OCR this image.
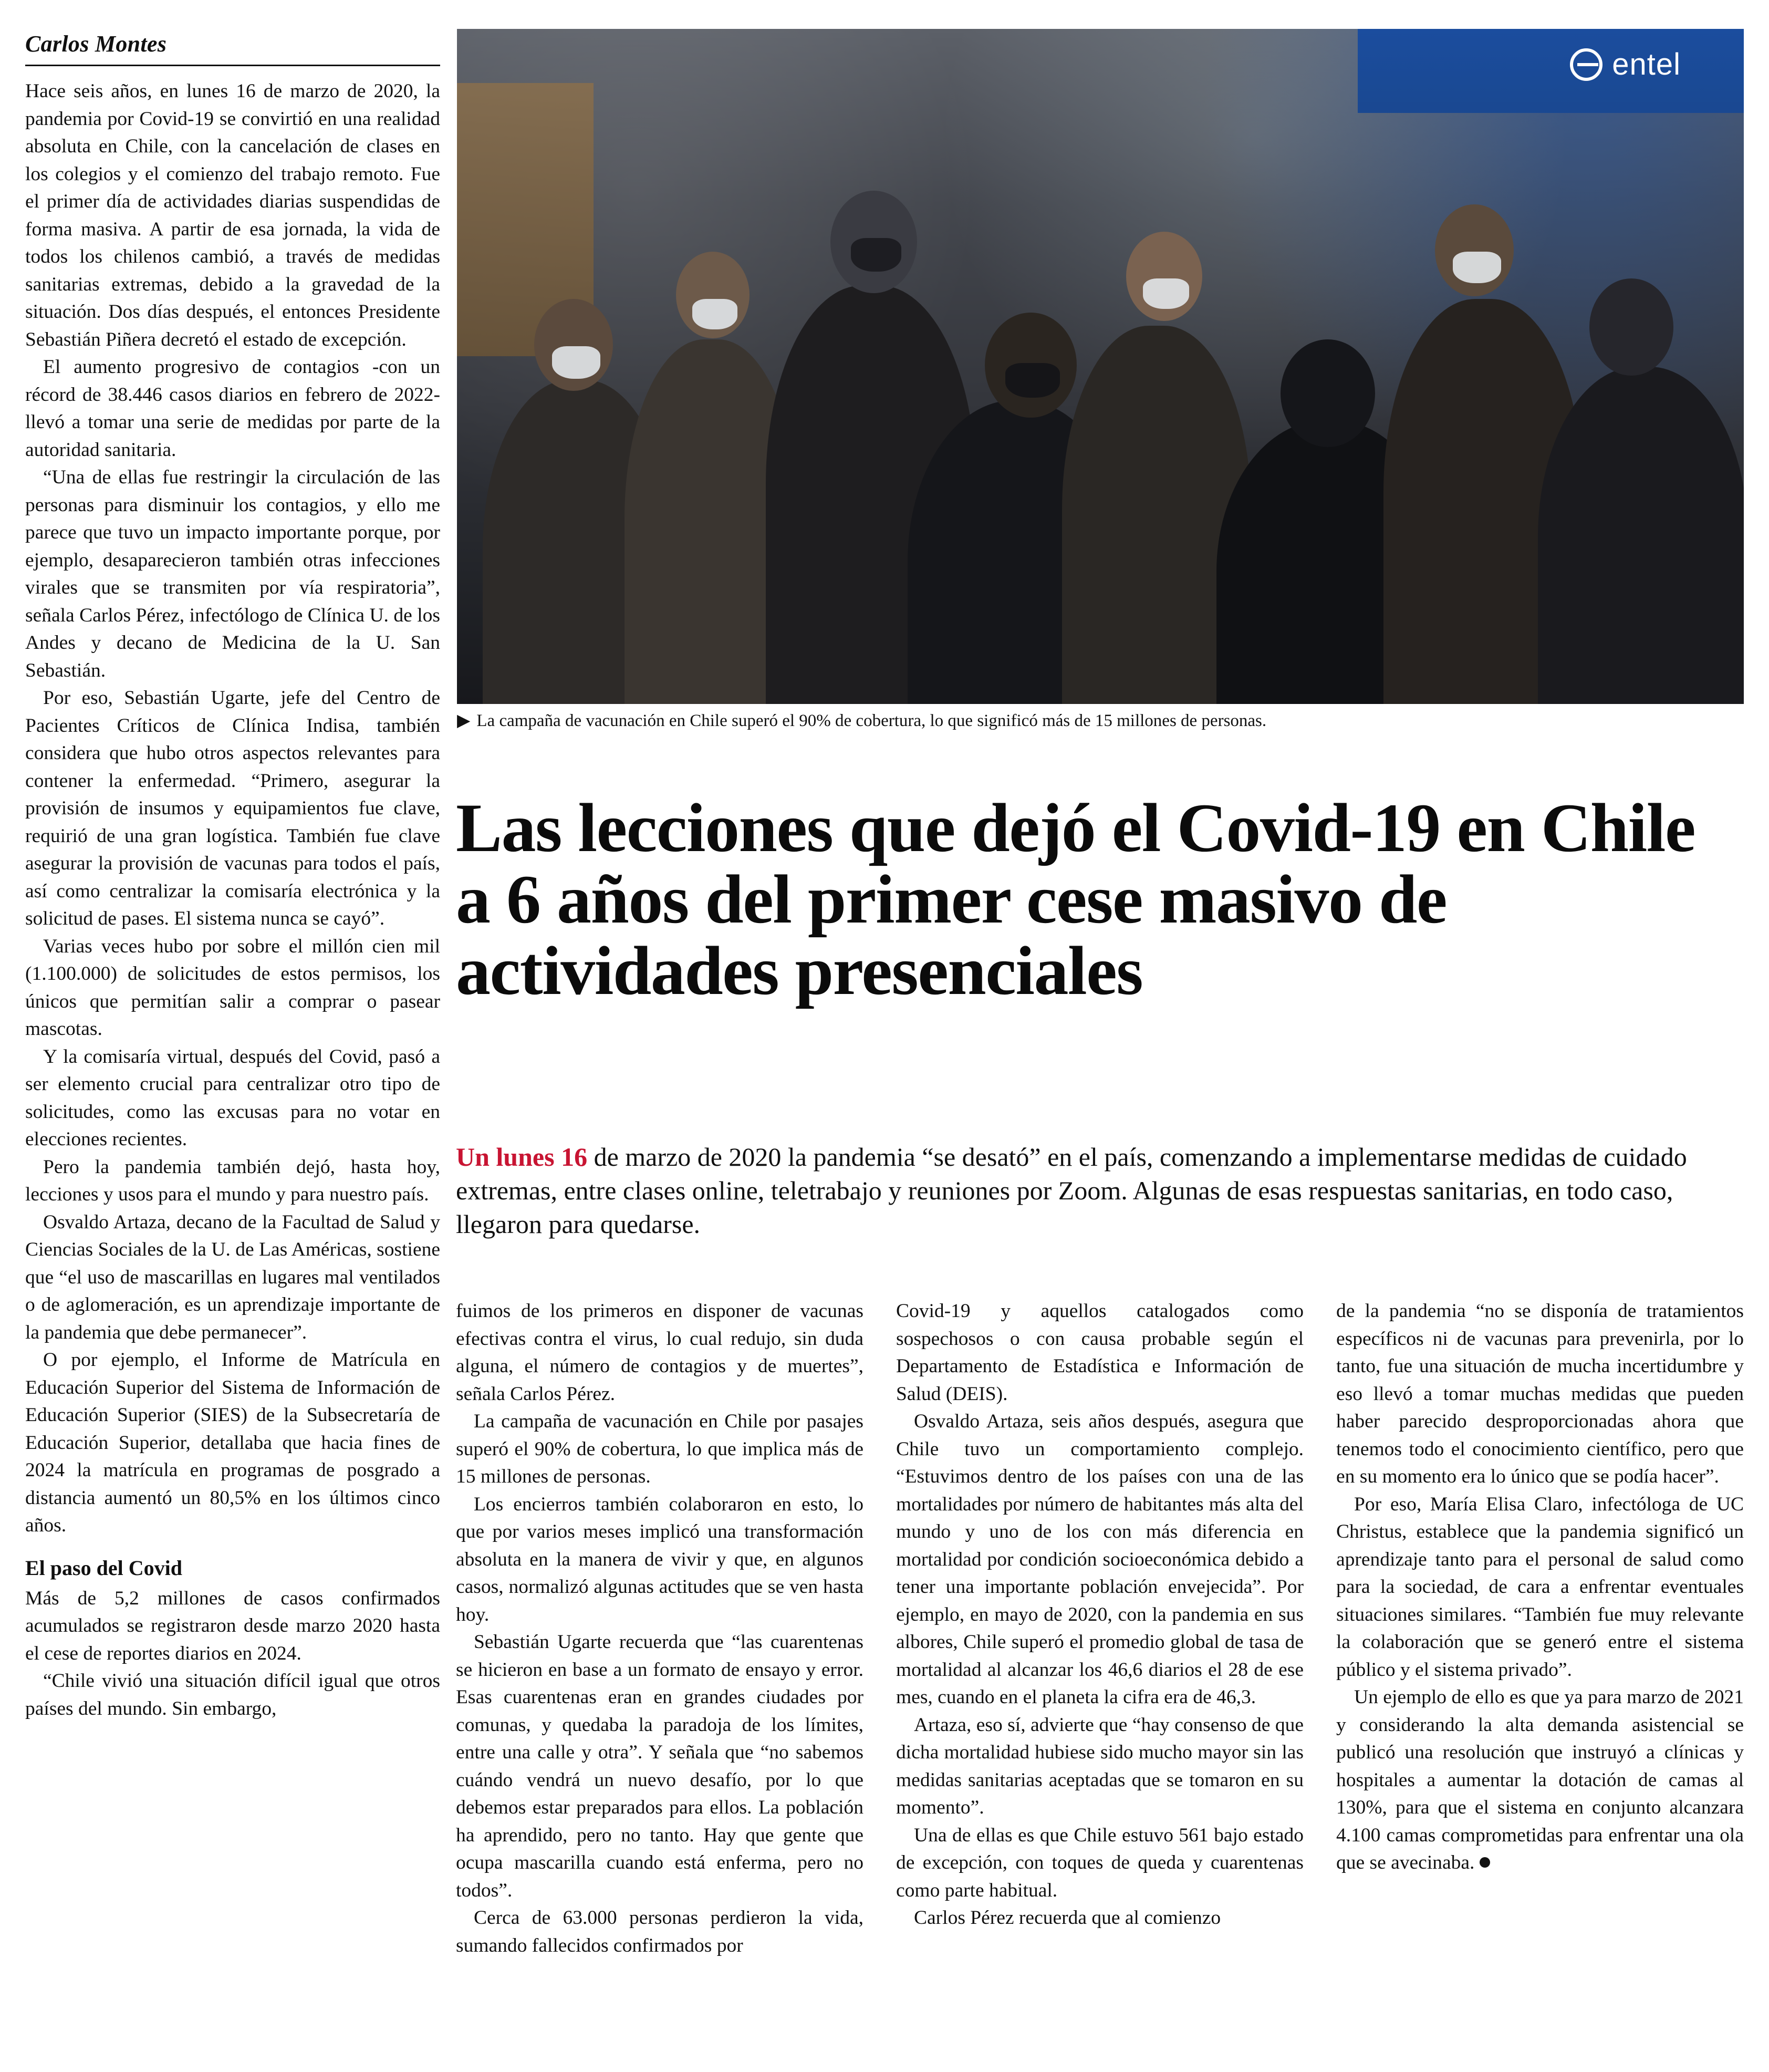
Carlos Montes

Hace seis años, en lunes 16 de marzo de 2020, la pandemia por Covid-19 se convirtió en una realidad absoluta en Chile, con la cancelación de clases en los colegios y el comienzo del trabajo remoto. Fue el primer día de actividades diarias suspendidas de forma masiva. A partir de esa jornada, la vida de todos los chilenos cambió, a través de medidas sanitarias extremas, debido a la gravedad de la situación. Dos días después, el entonces Presidente Sebastián Piñera decretó el estado de excepción.

El aumento progresivo de contagios -con un récord de 38.446 casos diarios en febrero de 2022- llevó a tomar una serie de medidas por parte de la autoridad sanitaria.

“Una de ellas fue restringir la circulación de las personas para disminuir los contagios, y ello me parece que tuvo un impacto importante porque, por ejemplo, desaparecieron también otras infecciones virales que se transmiten por vía respiratoria”, señala Carlos Pérez, infectólogo de Clínica U. de los Andes y decano de Medicina de la U. San Sebastián.

Por eso, Sebastián Ugarte, jefe del Centro de Pacientes Críticos de Clínica Indisa, también considera que hubo otros aspectos relevantes para contener la enfermedad. “Primero, asegurar la provisión de insumos y equipamientos fue clave, requirió de una gran logística. También fue clave asegurar la provisión de vacunas para todos el país, así como centralizar la comisaría electrónica y la solicitud de pases. El sistema nunca se cayó”.

Varias veces hubo por sobre el millón cien mil (1.100.000) de solicitudes de estos permisos, los únicos que permitían salir a comprar o pasear mascotas.

Y la comisaría virtual, después del Covid, pasó a ser elemento crucial para centralizar otro tipo de solicitudes, como las excusas para no votar en elecciones recientes.

Pero la pandemia también dejó, hasta hoy, lecciones y usos para el mundo y para nuestro país.

Osvaldo Artaza, decano de la Facultad de Salud y Ciencias Sociales de la U. de Las Américas, sostiene que “el uso de mascarillas en lugares mal ventilados o de aglomeración, es un aprendizaje importante de la pandemia que debe permanecer”.

O por ejemplo, el Informe de Matrícula en Educación Superior del Sistema de Información de Educación Superior (SIES) de la Subsecretaría de Educación Superior, detallaba que hacia fines de 2024 la matrícula en programas de posgrado a distancia aumentó un 80,5% en los últimos cinco años.

El paso del Covid

Más de 5,2 millones de casos confirmados acumulados se registraron desde marzo 2020 hasta el cese de reportes diarios en 2024.

“Chile vivió una situación difícil igual que otros países del mundo. Sin embargo,

entel
▶ La campaña de vacunación en Chile superó el 90% de cobertura, lo que significó más de 15 millones de personas.
Las lecciones que dejó el Covid-19 en Chile a 6 años del primer cese masivo de actividades presenciales
Un lunes 16 de marzo de 2020 la pandemia “se desató” en el país, comenzando a implementarse medidas de cuidado extremas, entre clases online, teletrabajo y reuniones por Zoom. Algunas de esas respuestas sanitarias, en todo caso, llegaron para quedarse.

fuimos de los primeros en disponer de vacunas efectivas contra el virus, lo cual redujo, sin duda alguna, el número de contagios y de muertes”, señala Carlos Pérez.

La campaña de vacunación en Chile por pasajes superó el 90% de cobertura, lo que implica más de 15 millones de personas.

Los encierros también colaboraron en esto, lo que por varios meses implicó una transformación absoluta en la manera de vivir y que, en algunos casos, normalizó algunas actitudes que se ven hasta hoy.

Sebastián Ugarte recuerda que “las cuarentenas se hicieron en base a un formato de ensayo y error. Esas cuarentenas eran en grandes ciudades por comunas, y quedaba la paradoja de los límites, entre una calle y otra”. Y señala que “no sabemos cuándo vendrá un nuevo desafío, por lo que debemos estar preparados para ellos. La población ha aprendido, pero no tanto. Hay que gente que ocupa mascarilla cuando está enferma, pero no todos”.

Cerca de 63.000 personas perdieron la vida, sumando fallecidos confirmados por

Covid-19 y aquellos catalogados como sospechosos o con causa probable según el Departamento de Estadística e Información de Salud (DEIS).

Osvaldo Artaza, seis años después, asegura que Chile tuvo un comportamiento complejo. “Estuvimos dentro de los países con una de las mortalidades por número de habitantes más alta del mundo y uno de los con más diferencia en mortalidad por condición socioeconómica debido a tener una importante población envejecida”. Por ejemplo, en mayo de 2020, con la pandemia en sus albores, Chile superó el promedio global de tasa de mortalidad al alcanzar los 46,6 diarios el 28 de ese mes, cuando en el planeta la cifra era de 46,3.

Artaza, eso sí, advierte que “hay consenso de que dicha mortalidad hubiese sido mucho mayor sin las medidas sanitarias aceptadas que se tomaron en su momento”.

Una de ellas es que Chile estuvo 561 bajo estado de excepción, con toques de queda y cuarentenas como parte habitual.

Carlos Pérez recuerda que al comienzo

de la pandemia “no se disponía de tratamientos específicos ni de vacunas para prevenirla, por lo tanto, fue una situación de mucha incertidumbre y eso llevó a tomar muchas medidas que pueden haber parecido desproporcionadas ahora que tenemos todo el conocimiento científico, pero que en su momento era lo único que se podía hacer”.

Por eso, María Elisa Claro, infectóloga de UC Christus, establece que la pandemia significó un aprendizaje tanto para el personal de salud como para la sociedad, de cara a enfrentar eventuales situaciones similares. “También fue muy relevante la colaboración que se generó entre el sistema público y el sistema privado”.

Un ejemplo de ello es que ya para marzo de 2021 y considerando la alta demanda asistencial se publicó una resolución que instruyó a clínicas y hospitales a aumentar la dotación de camas al 130%, para que el sistema en conjunto alcanzara 4.100 camas comprometidas para enfrentar una ola que se avecinaba.
